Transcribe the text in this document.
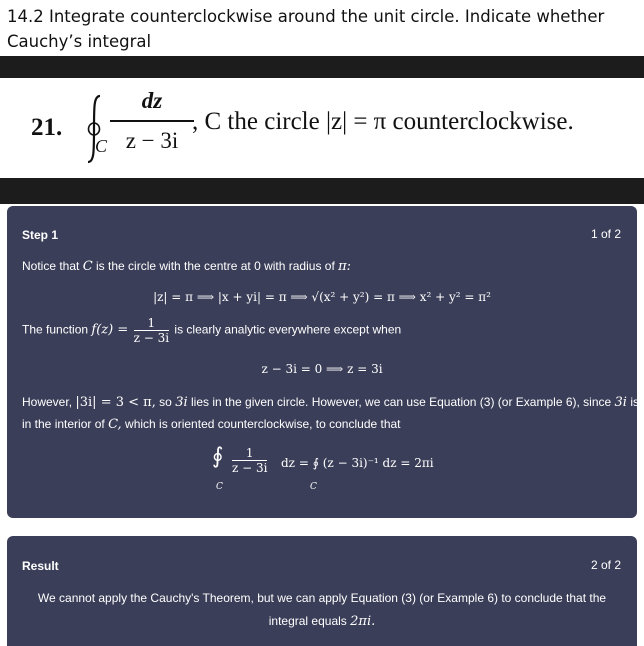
14.2 Integrate counterclockwise around the unit circle. Indicate whether Cauchy’s integral

21.
dz
z − 3i
C
, C the circle |z| = π counterclockwise.
Step 1	1 of 2
Notice that C is the circle with the centre at 0 with radius of π:
|z| = π ⟹ |x + yi| = π ⟹ √(x² + y²) = π ⟹ x² + y² = π²
The function $f(z) = \frac{1}{z - 3i}$ is clearly analytic everywhere except when
z − 3i = 0 ⟹ z = 3i
However, |3i| = 3 < π, so 3i lies in the given circle. However, we can use Equation (3) (or Example 6), since 3i is
in the interior of C, which is oriented counterclockwise, to conclude that
∮
C
1
z − 3i dz = ∮ (z − 3i)⁻¹ dz = 2πi
C
Result	2 of 2
We cannot apply the Cauchy's Theorem, but we can apply Equation (3) (or Example 6) to conclude that the
integral equals 2πi.
